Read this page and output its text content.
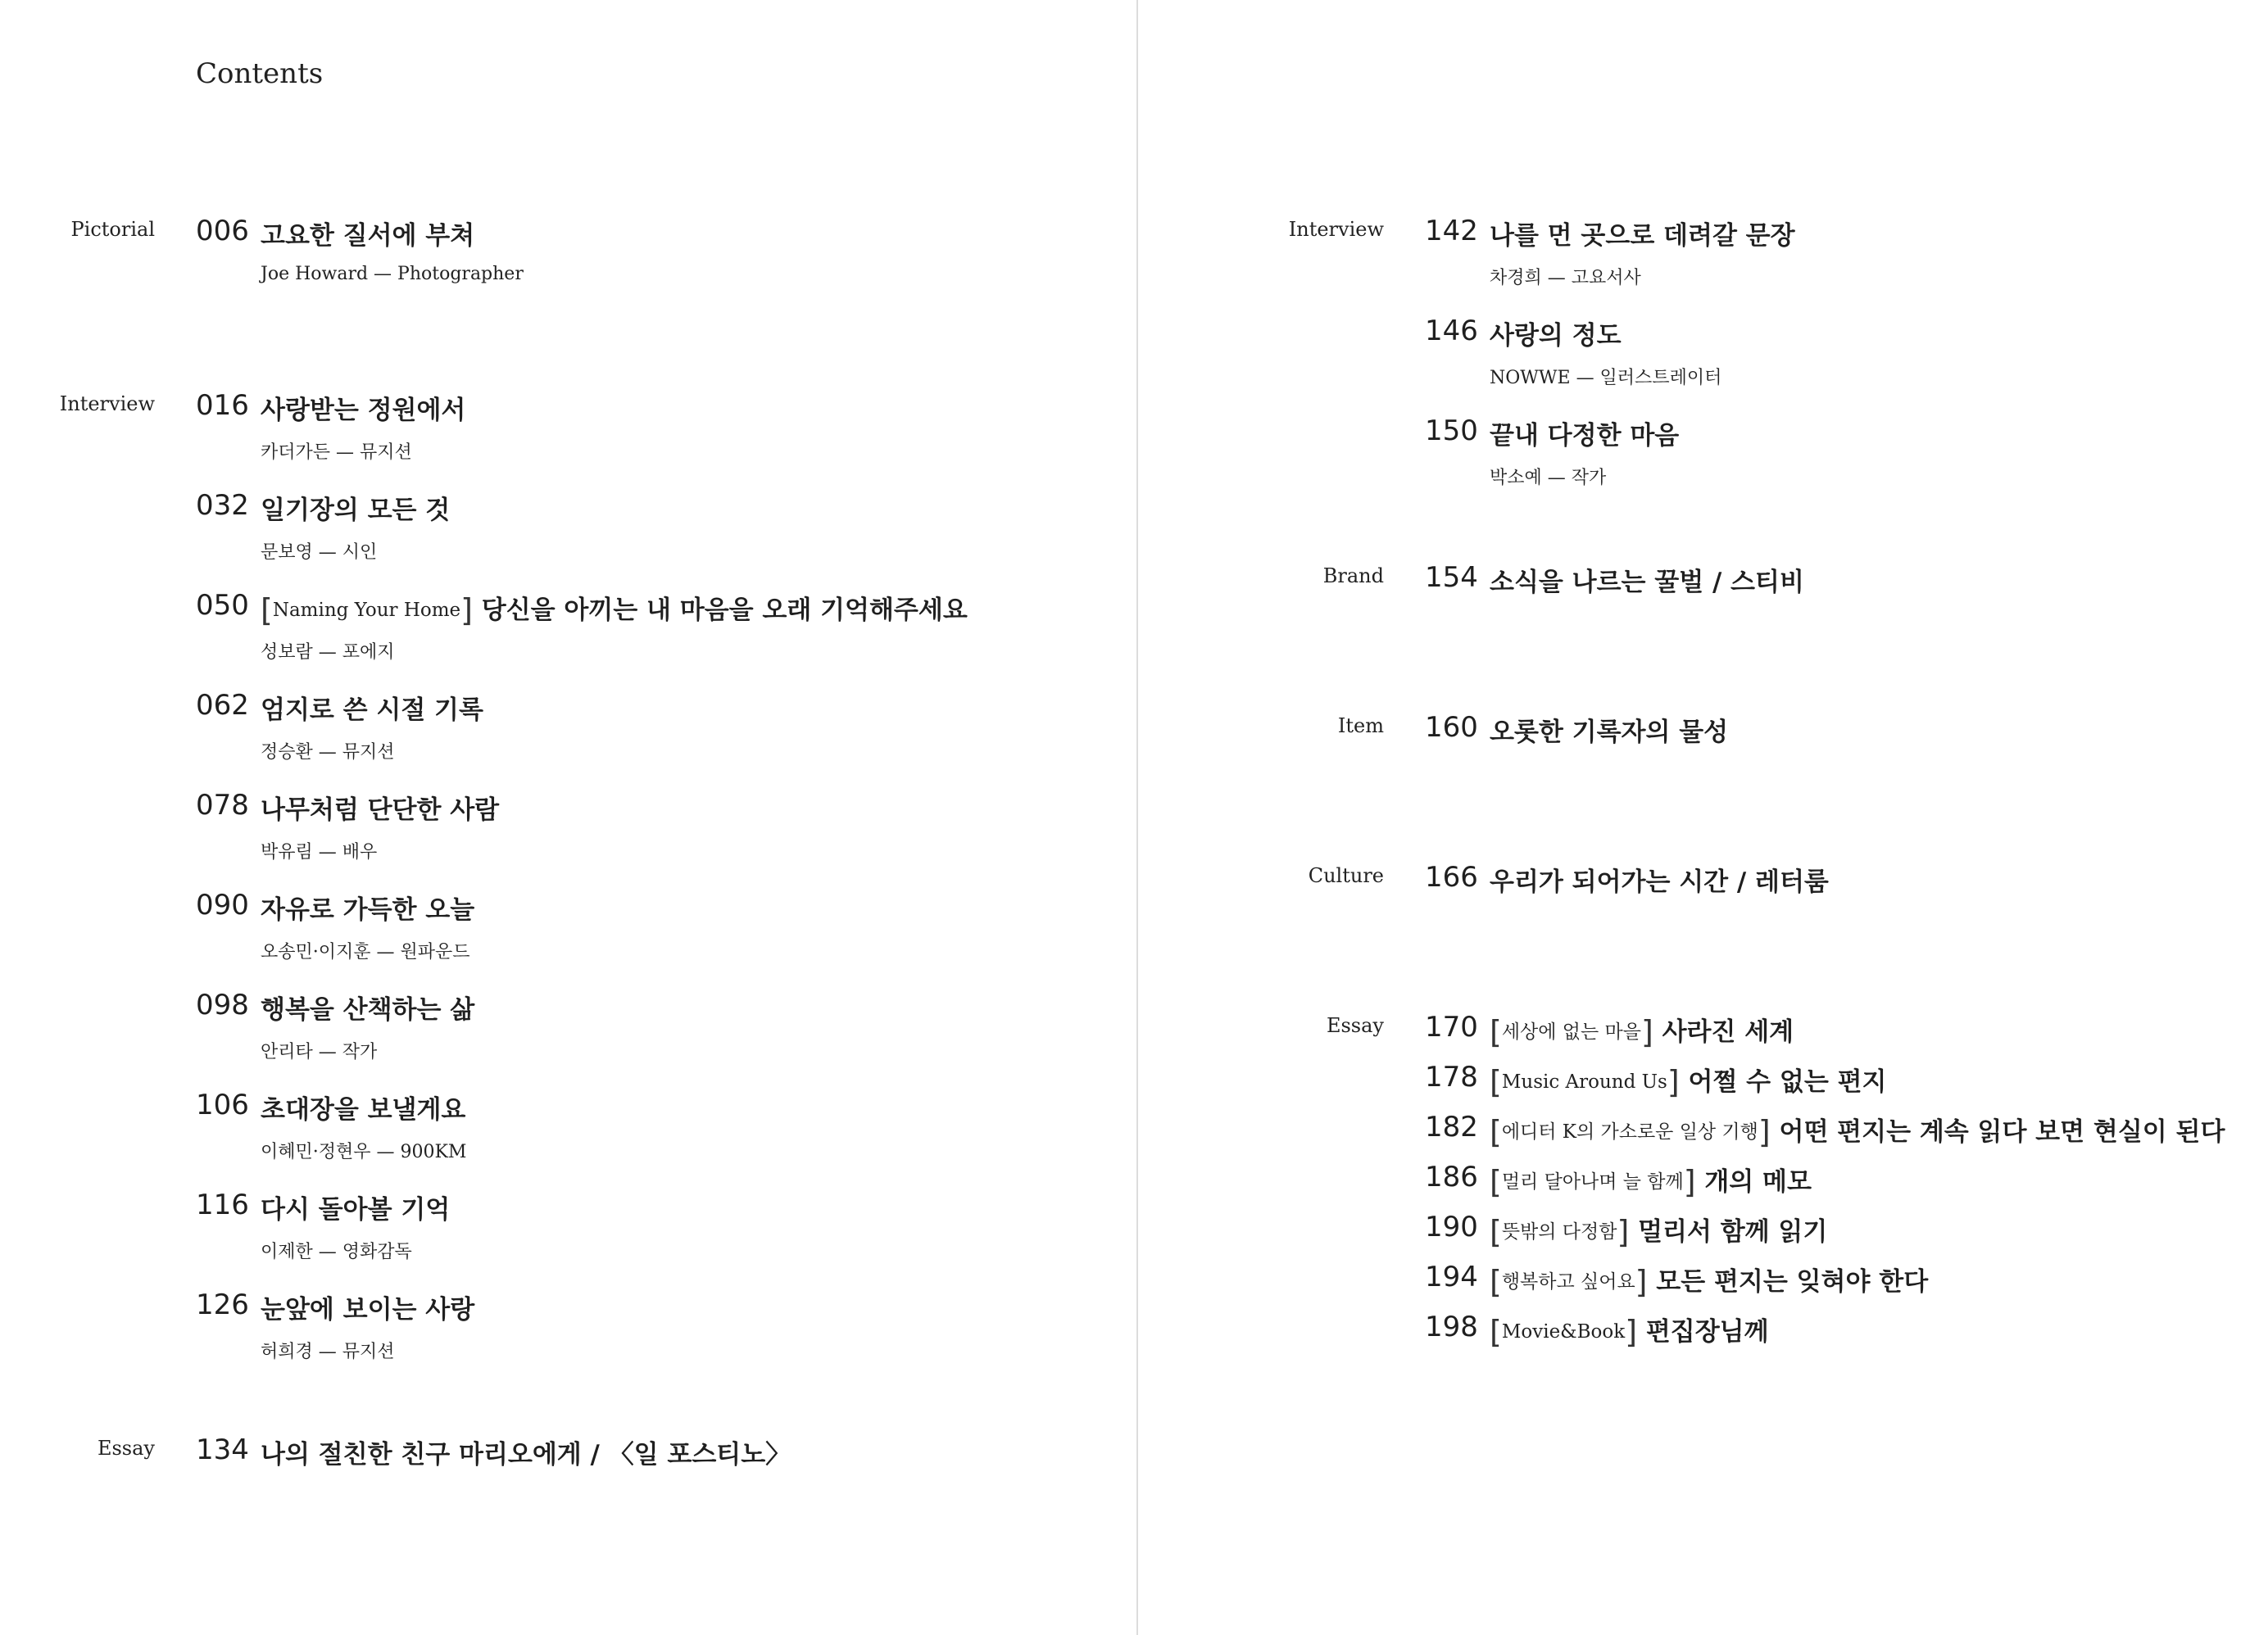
Contents
Pictorial 006 고요한 질서에 부쳐
Joe Howard — Photographer
Interview 016 사랑받는 정원에서
카더가든 — 뮤지션
032 일기장의 모든 것
문보영 — 시인
050 [Naming Your Home] 당신을 아끼는 내 마음을 오래 기억해주세요
성보람 — 포에지
062 엄지로 쓴 시절 기록
정승환 — 뮤지션
078 나무처럼 단단한 사람
박유림 — 배우
090 자유로 가득한 오늘
오송민·이지훈 — 원파운드
098 행복을 산책하는 삶
안리타 — 작가
106 초대장을 보낼게요
이혜민·정현우 — 900KM
116 다시 돌아볼 기억
이제한 — 영화감독
126 눈앞에 보이는 사랑
허희경 — 뮤지션
Essay 134 나의 절친한 친구 마리오에게 / 〈일 포스티노〉
Interview 142 나를 먼 곳으로 데려갈 문장
차경희 — 고요서사
146 사랑의 정도
NOWWE — 일러스트레이터
150 끝내 다정한 마음
박소예 — 작가
Brand 154 소식을 나르는 꿀벌 / 스티비
Item 160 오롯한 기록자의 물성
Culture 166 우리가 되어가는 시간 / 레터룸
Essay 170 [세상에 없는 마을] 사라진 세계
178 [Music Around Us] 어쩔 수 없는 편지
182 [에디터 K의 가소로운 일상 기행] 어떤 편지는 계속 읽다 보면 현실이 된다
186 [멀리 달아나며 늘 함께] 개의 메모
190 [뜻밖의 다정함] 멀리서 함께 읽기
194 [행복하고 싶어요] 모든 편지는 잊혀야 한다
198 [Movie&Book] 편집장님께
